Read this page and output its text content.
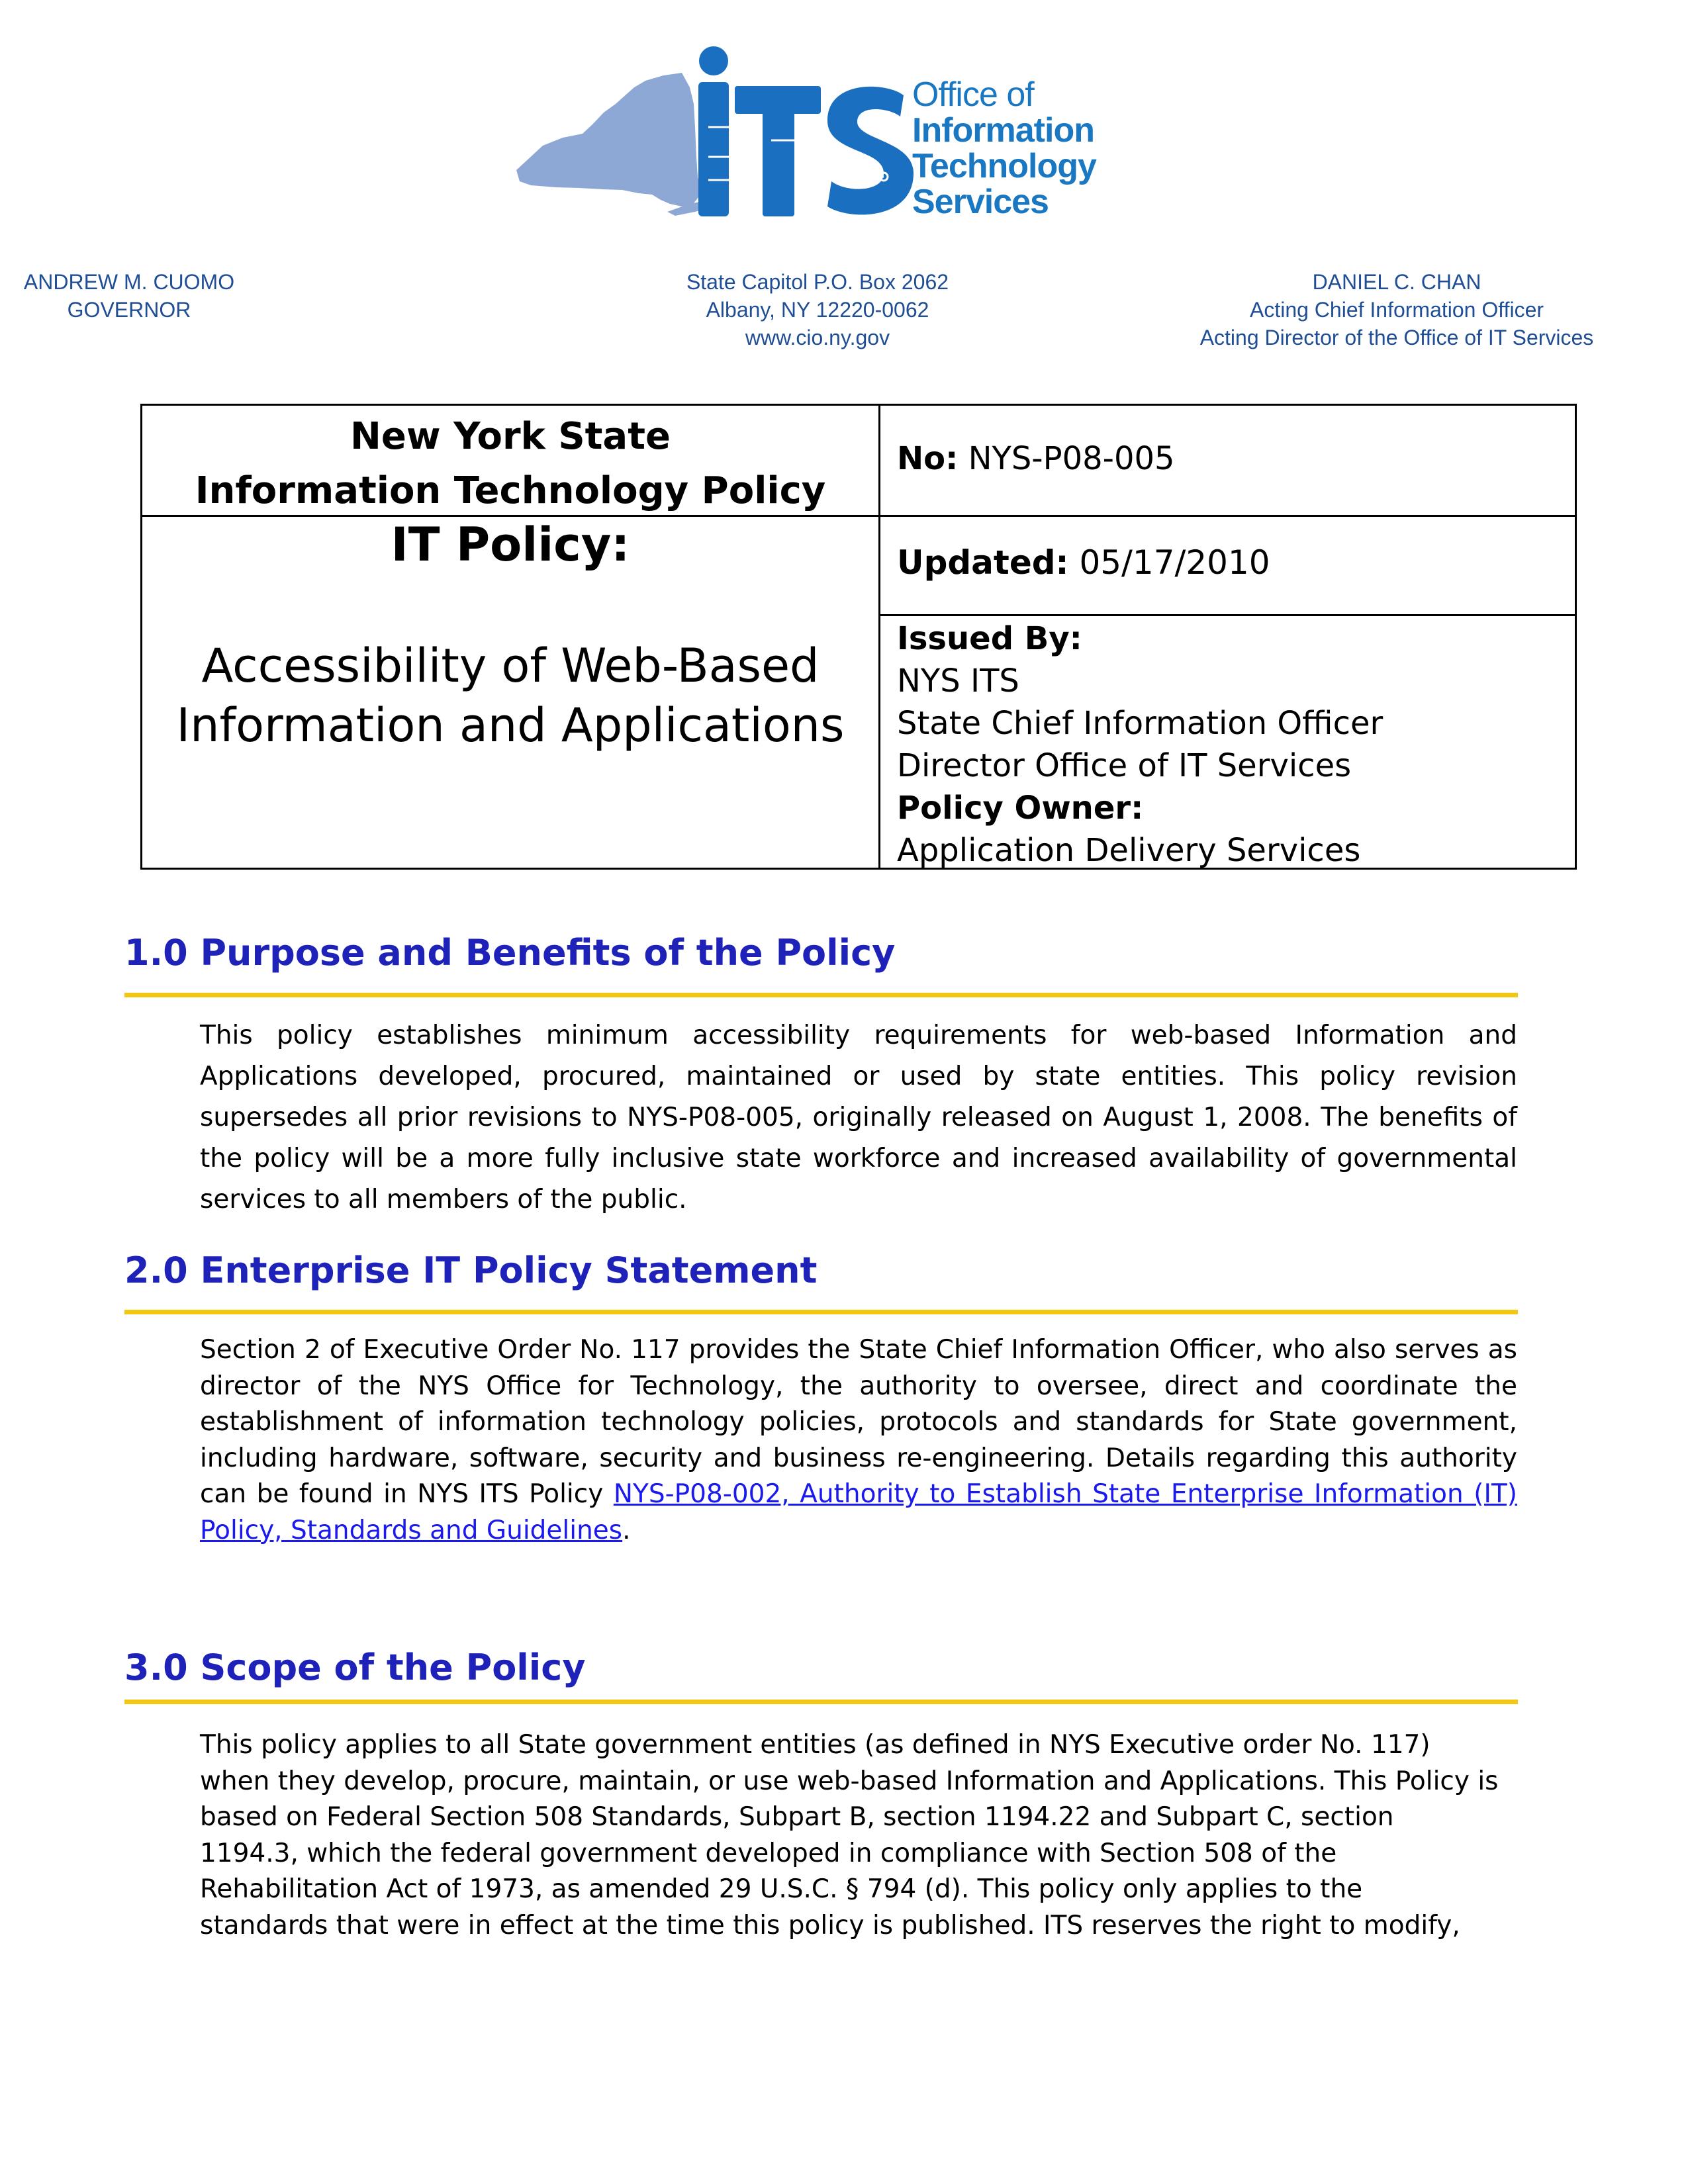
Office of
Information
Technology
Services
ANDREW M. CUOMO
GOVERNOR
State Capitol P.O. Box 2062
Albany, NY 12220-0062
www.cio.ny.gov
DANIEL C. CHAN
Acting Chief Information Officer
Acting Director of the Office of IT Services
New York State
Information Technology Policy
No: NYS-P08-005
IT Policy:
Accessibility of Web-Based
Information and Applications
Updated: 05/17/2010
Issued By:
NYS ITS
State Chief Information Officer
Director Office of IT Services
Policy Owner:
Application Delivery Services
1.0 Purpose and Benefits of the Policy
This policy establishes minimum accessibility requirements for web-based Information and Applications developed, procured, maintained or used by state entities. This policy revision supersedes all prior revisions to NYS-P08-005, originally released on August 1, 2008. The benefits of the policy will be a more fully inclusive state workforce and increased availability of governmental services to all members of the public.
2.0 Enterprise IT Policy Statement
Section 2 of Executive Order No. 117 provides the State Chief Information Officer, who also serves as director of the NYS Office for Technology, the authority to oversee, direct and coordinate the establishment of information technology policies, protocols and standards for State government, including hardware, software, security and business re-engineering. Details regarding this authority can be found in NYS ITS Policy NYS-P08-002, Authority to Establish State Enterprise Information (IT) Policy, Standards and Guidelines.
3.0 Scope of the Policy
This policy applies to all State government entities (as defined in NYS Executive order No. 117)
when they develop, procure, maintain, or use web-based Information and Applications. This Policy is
based on Federal Section 508 Standards, Subpart B, section 1194.22 and Subpart C, section
1194.3, which the federal government developed in compliance with Section 508 of the
Rehabilitation Act of 1973, as amended 29 U.S.C. § 794 (d). This policy only applies to the
standards that were in effect at the time this policy is published. ITS reserves the right to modify,
